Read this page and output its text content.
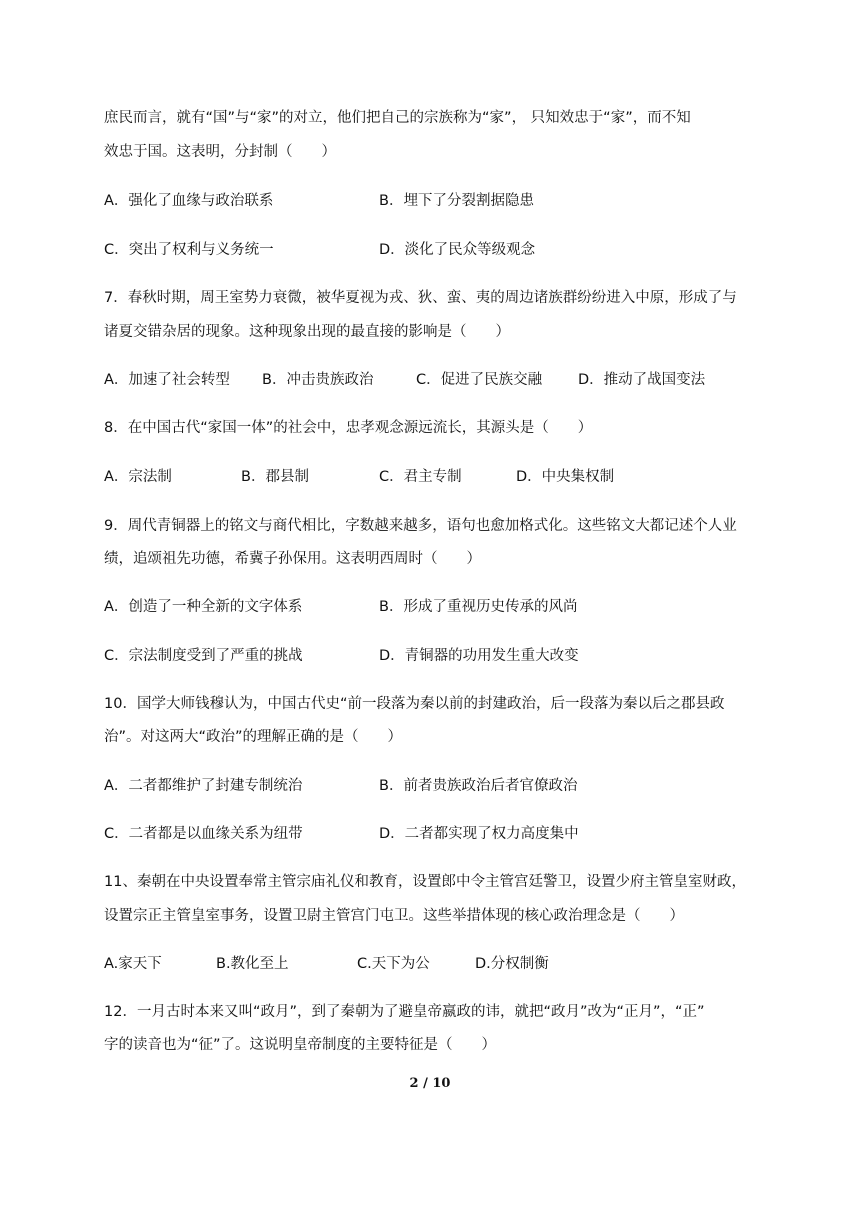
庶民而言，就有“国”与“家”的对立，他们把自己的宗族称为“家”， 只知效忠于“家”，而不知
效忠于国。这表明，分封制（　　）
A．强化了血缘与政治联系	B．埋下了分裂割据隐患
C．突出了权利与义务统一	D．淡化了民众等级观念
7．春秋时期，周王室势力衰微，被华夏视为戎、狄、蛮、夷的周边诸族群纷纷进入中原，形成了与
诸夏交错杂居的现象。这种现象出现的最直接的影响是（　　）
A．加速了社会转型 B．冲击贵族政治	C．促进了民族交融 D．推动了战国变法
8．在中国古代“家国一体”的社会中，忠孝观念源远流长，其源头是（　　）
A．宗法制	B．郡县制	C．君主专制	D．中央集权制
9．周代青铜器上的铭文与商代相比，字数越来越多，语句也愈加格式化。这些铭文大都记述个人业
绩，追颂祖先功德，希冀子孙保用。这表明西周时（　　）
A．创造了一种全新的文字体系	B．形成了重视历史传承的风尚
C．宗法制度受到了严重的挑战	D．青铜器的功用发生重大改变
10．国学大师钱穆认为，中国古代史“前一段落为秦以前的封建政治，后一段落为秦以后之郡县政
治”。对这两大“政治”的理解正确的是（　　）
A．二者都维护了封建专制统治	B．前者贵族政治后者官僚政治
C．二者都是以血缘关系为纽带	D．二者都实现了权力高度集中
11、秦朝在中央设置奉常主管宗庙礼仪和教育，设置郎中令主管宫廷警卫，设置少府主管皇室财政，
设置宗正主管皇室事务，设置卫尉主管宫门屯卫。这些举措体现的核心政治理念是（　　）
A.家天下	B.教化至上	C.天下为公	D.分权制衡
12．一月古时本来又叫“政月”，到了秦朝为了避皇帝嬴政的讳，就把“政月”改为“正月”，“正”
字的读音也为“征”了。这说明皇帝制度的主要特征是（　　）
2 / 10
